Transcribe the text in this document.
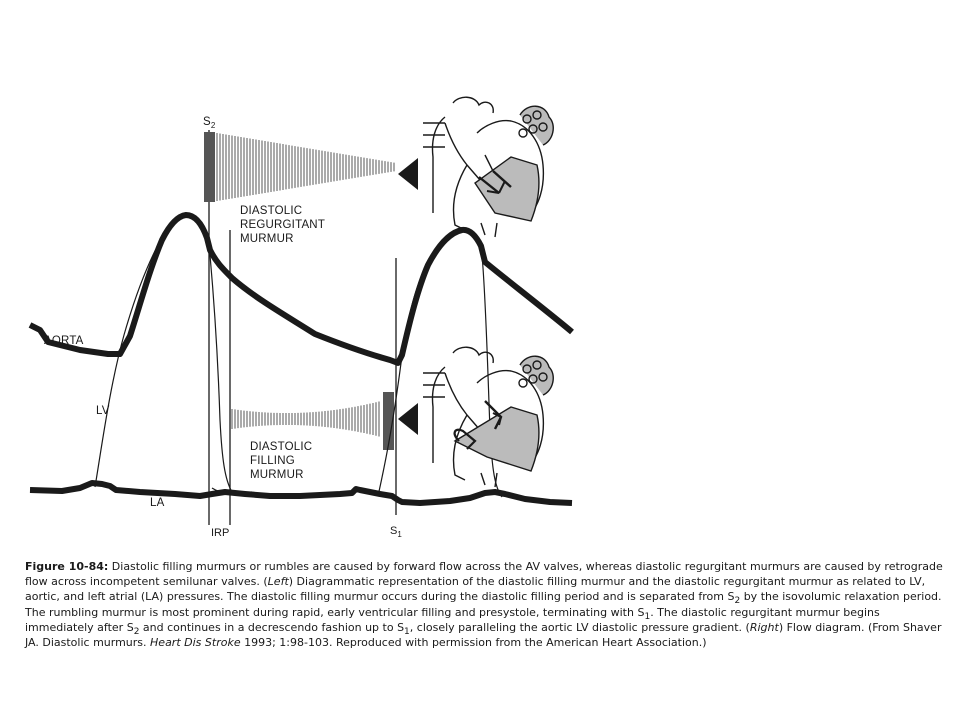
$S_2$
AORTA
LV
LA
IRP	$S_1$
DIASTOLIC
REGURGITANT
MURMUR
DIASTOLIC
FILLING
MURMUR

Figure 10-84: Diastolic filling murmurs or rumbles are caused by forward flow across the AV valves, whereas diastolic regurgitant murmurs are caused by retrograde flow across incompetent semilunar valves. (Left) Diagrammatic representation of the diastolic filling murmur and the diastolic regurgitant murmur as related to LV, aortic, and left atrial (LA) pressures. The diastolic filling murmur occurs during the diastolic filling period and is separated from $S_2$ by the isovolumic relaxation period. The rumbling murmur is most prominent during rapid, early ventricular filling and presystole, terminating with $S_1$. The diastolic regurgitant murmur begins immediately after $S_2$ and continues in a decrescendo fashion up to $S_1$, closely paralleling the aortic LV diastolic pressure gradient. (Right) Flow diagram. (From Shaver JA. Diastolic murmurs. Heart Dis Stroke 1993; 1:98-103. Reproduced with permission from the American Heart Association.)
